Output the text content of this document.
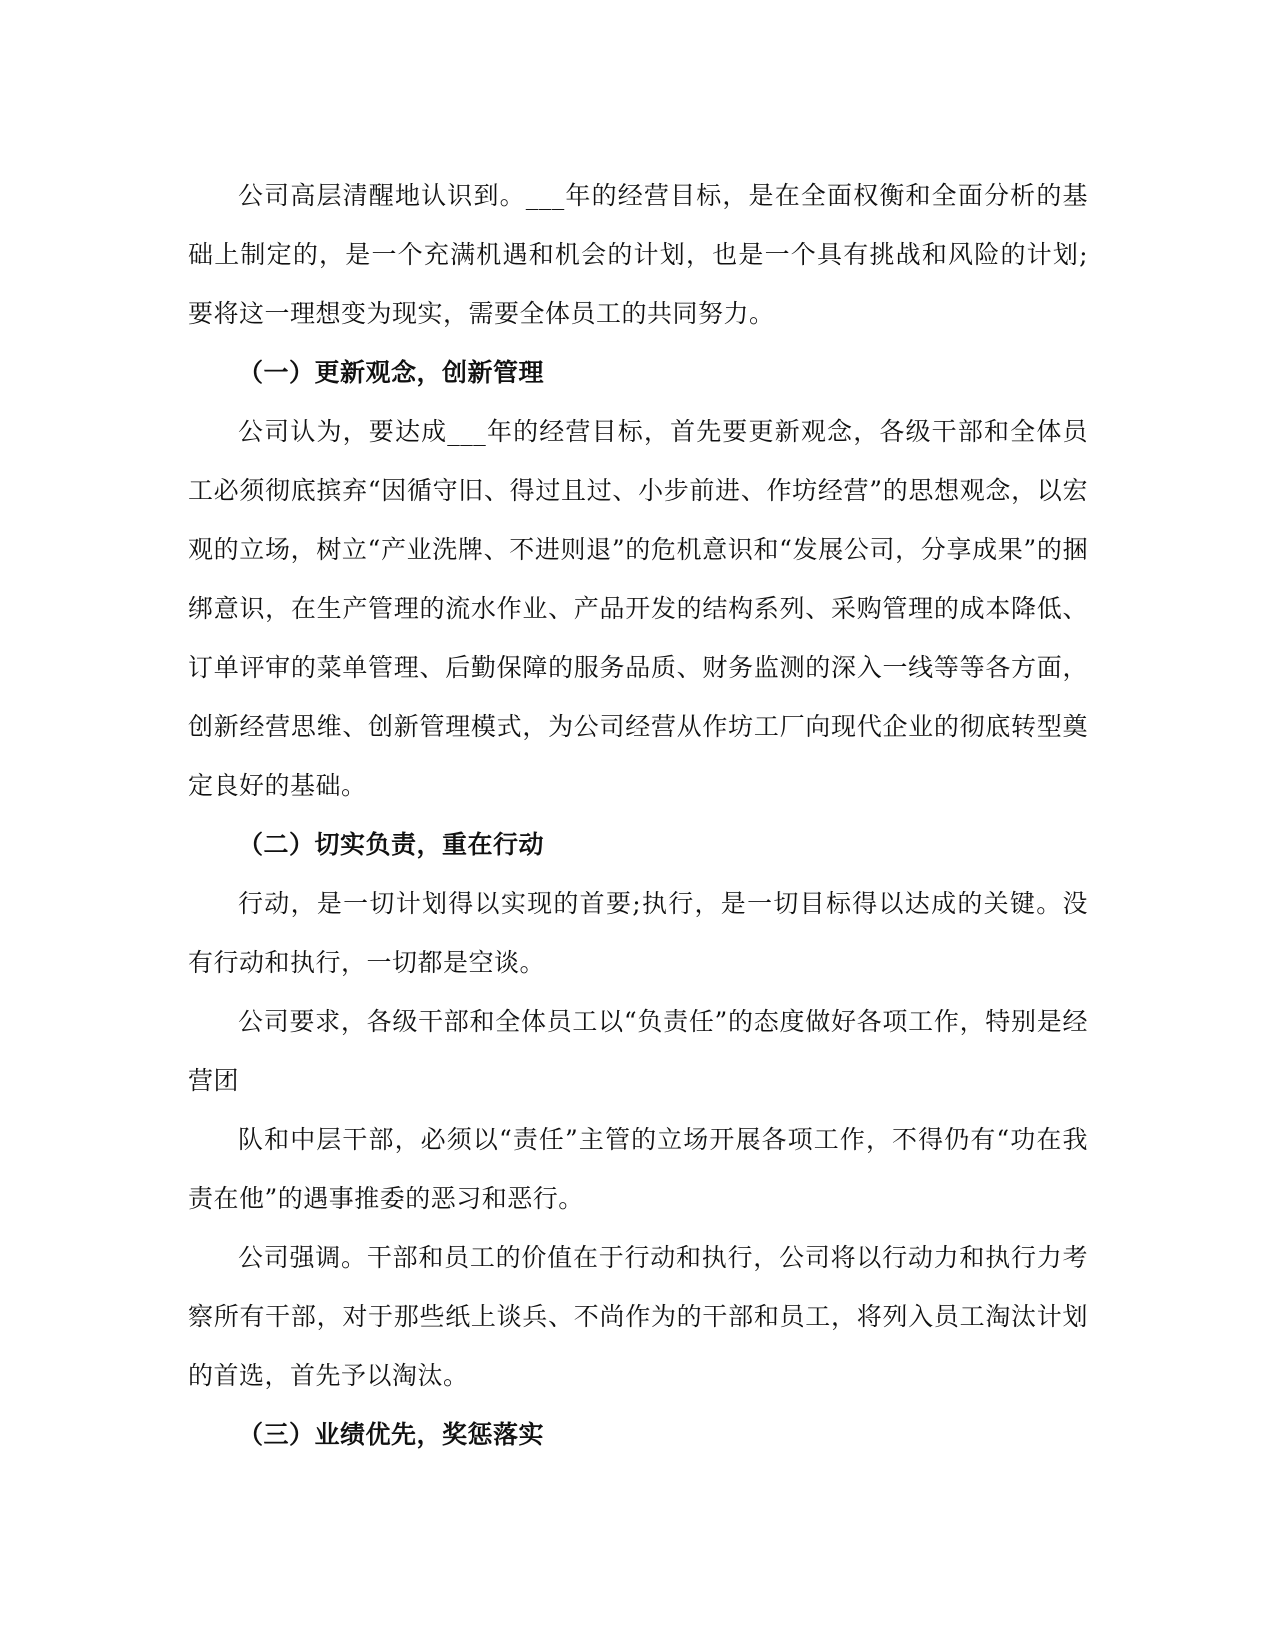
公司高层清醒地认识到。___年的经营目标，是在全面权衡和全面分析的基础上制定的，是一个充满机遇和机会的计划，也是一个具有挑战和风险的计划;要将这一理想变为现实，需要全体员工的共同努力。

（一）更新观念，创新管理

公司认为，要达成___年的经营目标，首先要更新观念，各级干部和全体员工必须彻底摈弃“因循守旧、得过且过、小步前进、作坊经营”的思想观念，以宏观的立场，树立“产业洗牌、不进则退”的危机意识和“发展公司，分享成果”的捆绑意识，在生产管理的流水作业、产品开发的结构系列、采购管理的成本降低、订单评审的菜单管理、后勤保障的服务品质、财务监测的深入一线等等各方面，创新经营思维、创新管理模式，为公司经营从作坊工厂向现代企业的彻底转型奠定良好的基础。

（二）切实负责，重在行动

行动，是一切计划得以实现的首要;执行，是一切目标得以达成的关键。没有行动和执行，一切都是空谈。

公司要求，各级干部和全体员工以“负责任”的态度做好各项工作，特别是经营团

队和中层干部，必须以“责任”主管的立场开展各项工作，不得仍有“功在我责在他”的遇事推委的恶习和恶行。

公司强调。干部和员工的价值在于行动和执行，公司将以行动力和执行力考察所有干部，对于那些纸上谈兵、不尚作为的干部和员工，将列入员工淘汰计划的首选，首先予以淘汰。

（三）业绩优先，奖惩落实
